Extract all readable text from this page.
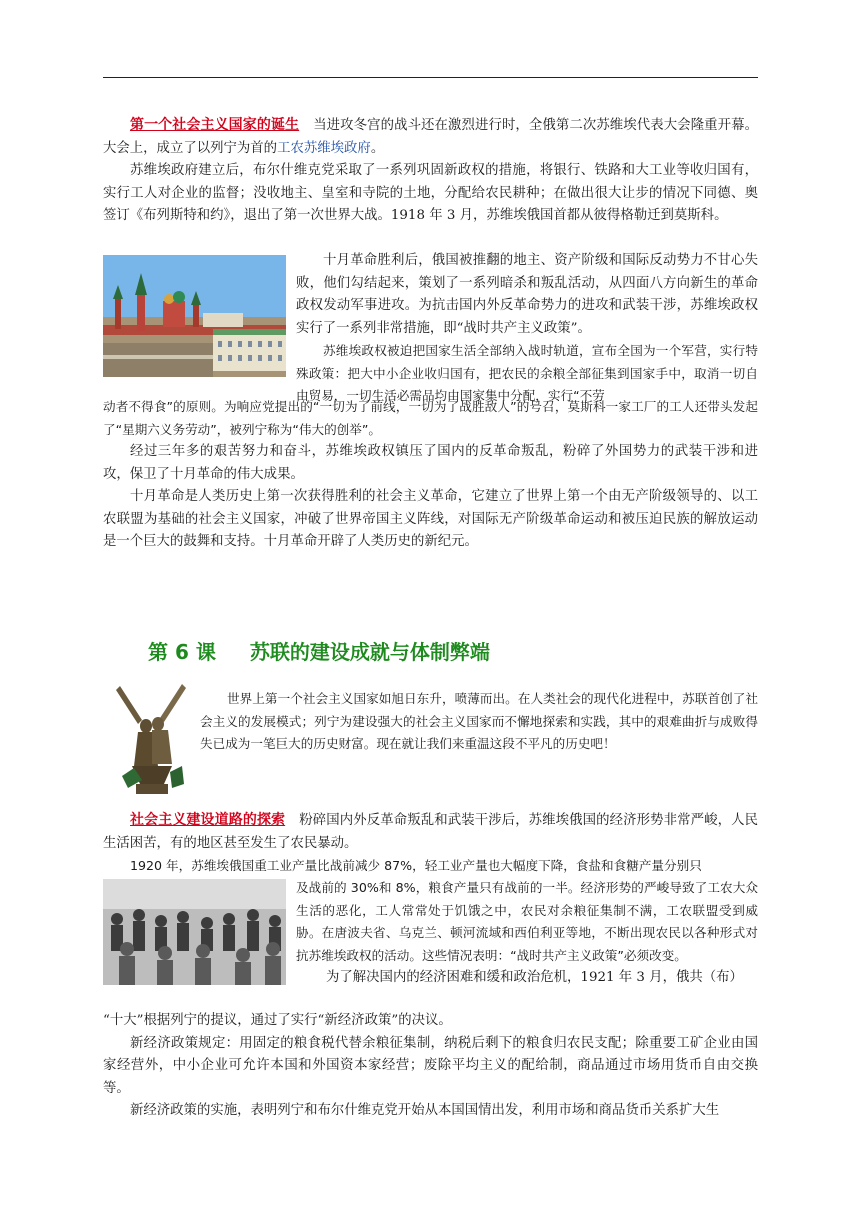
第一个社会主义国家的诞生 当进攻冬宫的战斗还在激烈进行时，全俄第二次苏维埃代表大会隆重开幕。大会上，成立了以列宁为首的工农苏维埃政府。

苏维埃政府建立后，布尔什维克党采取了一系列巩固新政权的措施，将银行、铁路和大工业等收归国有，实行工人对企业的监督；没收地主、皇室和寺院的土地，分配给农民耕种；在做出很大让步的情况下同德、奥签订《布列斯特和约》，退出了第一次世界大战。1918 年 3 月，苏维埃俄国首都从彼得格勒迁到莫斯科。

十月革命胜利后，俄国被推翻的地主、资产阶级和国际反动势力不甘心失败，他们勾结起来，策划了一系列暗杀和叛乱活动，从四面八方向新生的革命政权发动军事进攻。为抗击国内外反革命势力的进攻和武装干涉，苏维埃政权实行了一系列非常措施，即“战时共产主义政策”。

苏维埃政权被迫把国家生活全部纳入战时轨道，宣布全国为一个军营，实行特殊政策：把大中小企业收归国有，把农民的余粮全部征集到国家手中，取消一切自由贸易，一切生活必需品均由国家集中分配，实行“不劳

动者不得食”的原则。为响应党提出的“一切为了前线，一切为了战胜敌人”的号召，莫斯科一家工厂的工人还带头发起了“星期六义务劳动”，被列宁称为“伟大的创举”。

经过三年多的艰苦努力和奋斗，苏维埃政权镇压了国内的反革命叛乱，粉碎了外国势力的武装干涉和进攻，保卫了十月革命的伟大成果。

十月革命是人类历史上第一次获得胜利的社会主义革命，它建立了世界上第一个由无产阶级领导的、以工农联盟为基础的社会主义国家，冲破了世界帝国主义阵线，对国际无产阶级革命运动和被压迫民族的解放运动是一个巨大的鼓舞和支持。十月革命开辟了人类历史的新纪元。

第 6 课 苏联的建设成就与体制弊端

世界上第一个社会主义国家如旭日东升，喷薄而出。在人类社会的现代化进程中，苏联首创了社会主义的发展模式；列宁为建设强大的社会主义国家而不懈地探索和实践，其中的艰难曲折与成败得失已成为一笔巨大的历史财富。现在就让我们来重温这段不平凡的历史吧！

社会主义建设道路的探索 粉碎国内外反革命叛乱和武装干涉后，苏维埃俄国的经济形势非常严峻，人民生活困苦，有的地区甚至发生了农民暴动。

1920 年，苏维埃俄国重工业产量比战前减少 87%，轻工业产量也大幅度下降，食盐和食糖产量分别只

及战前的 30%和 8%，粮食产量只有战前的一半。经济形势的严峻导致了工农大众生活的恶化，工人常常处于饥饿之中，农民对余粮征集制不满，工农联盟受到威胁。在唐波夫省、乌克兰、顿河流域和西伯利亚等地，不断出现农民以各种形式对抗苏维埃政权的活动。这些情况表明：“战时共产主义政策”必须改变。

为了解决国内的经济困难和缓和政治危机，1921 年 3 月，俄共（布）

“十大”根据列宁的提议，通过了实行“新经济政策”的决议。

新经济政策规定：用固定的粮食税代替余粮征集制，纳税后剩下的粮食归农民支配；除重要工矿企业由国家经营外，中小企业可允许本国和外国资本家经营；废除平均主义的配给制，商品通过市场用货币自由交换等。

新经济政策的实施，表明列宁和布尔什维克党开始从本国国情出发，利用市场和商品货币关系扩大生
